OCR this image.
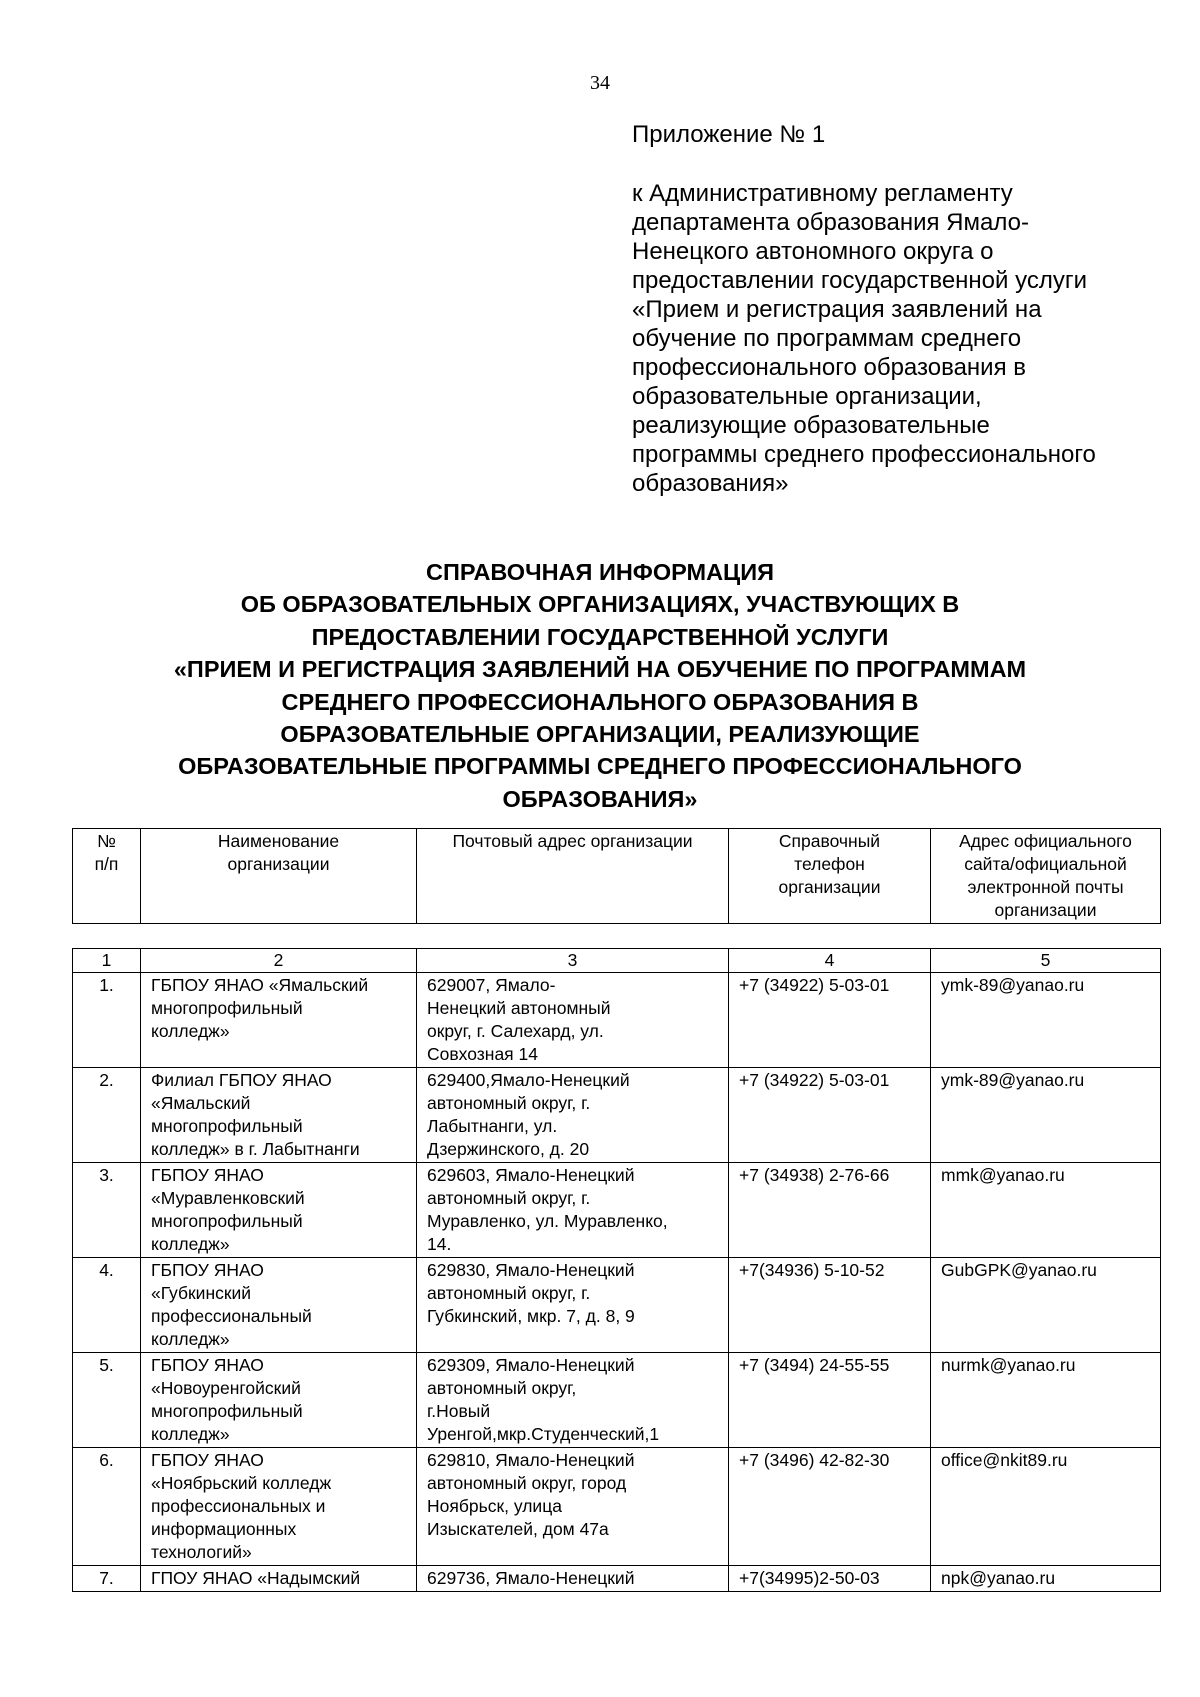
34
Приложение № 1
к Административному регламенту
департамента образования Ямало-
Ненецкого автономного округа о
предоставлении государственной услуги
«Прием и регистрация заявлений на
обучение по программам среднего
профессионального образования в
образовательные организации,
реализующие образовательные
программы среднего профессионального
образования»
СПРАВОЧНАЯ ИНФОРМАЦИЯ
ОБ ОБРАЗОВАТЕЛЬНЫХ ОРГАНИЗАЦИЯХ, УЧАСТВУЮЩИХ В
ПРЕДОСТАВЛЕНИИ ГОСУДАРСТВЕННОЙ УСЛУГИ
«ПРИЕМ И РЕГИСТРАЦИЯ ЗАЯВЛЕНИЙ НА ОБУЧЕНИЕ ПО ПРОГРАММАМ
СРЕДНЕГО ПРОФЕССИОНАЛЬНОГО ОБРАЗОВАНИЯ В
ОБРАЗОВАТЕЛЬНЫЕ ОРГАНИЗАЦИИ, РЕАЛИЗУЮЩИЕ
ОБРАЗОВАТЕЛЬНЫЕ ПРОГРАММЫ СРЕДНЕГО ПРОФЕССИОНАЛЬНОГО
ОБРАЗОВАНИЯ»
№
п/п	Наименование
организации	Почтовый адрес организации	Справочный
телефон
организации	Адрес официального
сайта/официальной
электронной почты
организации
1	2	3	4	5
1.	ГБПОУ ЯНАО «Ямальский
многопрофильный
колледж»	629007, Ямало-
Ненецкий автономный
округ, г. Салехард, ул.
Совхозная 14	+7 (34922) 5-03-01	ymk-89@yanao.ru
2.	Филиал ГБПОУ ЯНАО
«Ямальский
многопрофильный
колледж» в г. Лабытнанги	629400,Ямало-Ненецкий
автономный округ, г.
Лабытнанги, ул.
Дзержинского, д. 20	+7 (34922) 5-03-01	ymk-89@yanao.ru
3.	ГБПОУ ЯНАО
«Муравленковский
многопрофильный
колледж»	629603, Ямало-Ненецкий
автономный округ, г.
Муравленко, ул. Муравленко,
14.	+7 (34938) 2-76-66	mmk@yanao.ru
4.	ГБПОУ ЯНАО
«Губкинский
профессиональный
колледж»	629830, Ямало-Ненецкий
автономный округ, г.
Губкинский, мкр. 7, д. 8, 9	+7(34936) 5-10-52	GubGPK@yanao.ru
5.	ГБПОУ ЯНАО
«Новоуренгойский
многопрофильный
колледж»	629309, Ямало-Ненецкий
автономный округ,
г.Новый
Уренгой,мкр.Студенческий,1	+7 (3494) 24-55-55	nurmk@yanao.ru
6.	ГБПОУ ЯНАО
«Ноябрьский колледж
профессиональных и
информационных
технологий»	629810, Ямало-Ненецкий
автономный округ, город
Ноябрьск, улица
Изыскателей, дом 47а	+7 (3496) 42-82-30	office@nkit89.ru
7.	ГПОУ ЯНАО «Надымский	629736, Ямало-Ненецкий	+7(34995)2-50-03	npk@yanao.ru
